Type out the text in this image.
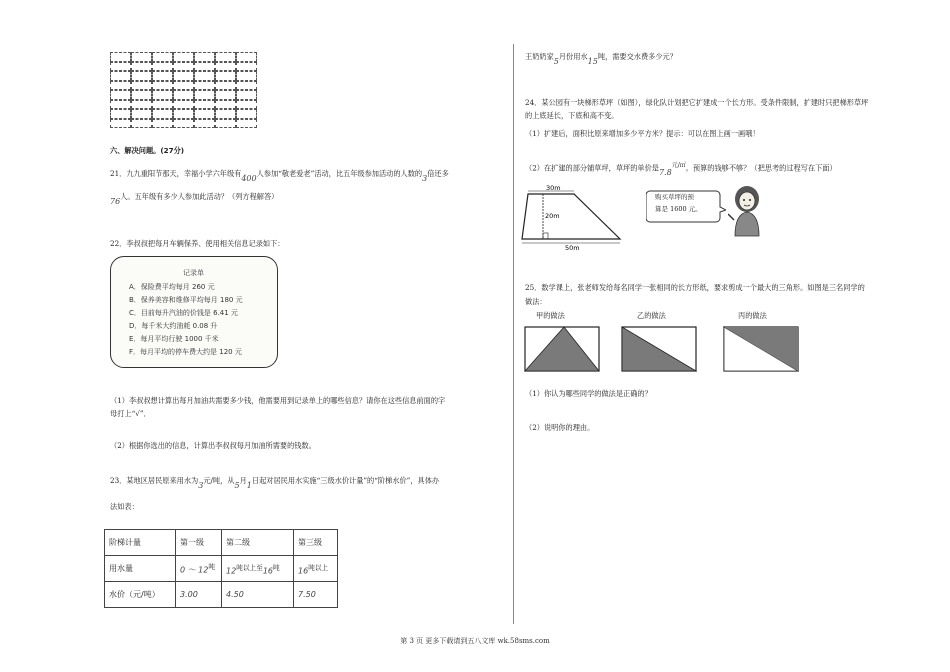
六、解决问题。(27分)
21．九九重阳节那天，幸福小学六年级有400人参加“敬老爱老”活动，比五年级参加活动的人数的3倍还多
76人。五年级有多少人参加此活动？（列方程解答）
22．李叔叔把每月车辆保养、使用相关信息记录如下：
记录单
A．保险费平均每月 260 元
B．保养美容和维修平均每月 180 元
C．目前每升汽油的价钱是 6.41 元
D．每千米大约油耗 0.08 升
E．每月平均行驶 1000 千米
F．每月平均的停车费大约是 120 元
（1）李叔叔想计算出每月加油共需要多少钱，他需要用到记录单上的哪些信息？请你在这些信息前面的字
母打上“√”．
（2）根据你选出的信息，计算出李叔叔每月加油所需要的钱数。
23．某地区居民原来用水为3元/吨，从5月1日起对居民用水实施“三级水价计量”的“阶梯水价”，具体办
法如表：
阶梯计量	第一级	第二级	第三级
用水量	0 ～ $12^吨$	$12^{吨以上至}16^吨$	$16^{吨以上}$
水价（元/吨）	3.00	4.50	7.50
王奶奶家5月份用水15吨，需要交水费多少元？
24．某公园有一块梯形草坪（如图），绿化队计划把它扩建成一个长方形。受条件限制，扩建时只把梯形草坪
的上底延长，下底和高不变。
（1）扩建后，面积比原来增加多少平方米？提示：可以在图上画一画哦！
（2）在扩建的部分铺草坪，草坪的单价是$7.8^{元/㎡}$。预算的钱够不够？（把思考的过程写在下面）
30m
20m
50m
购买草坪的预
算是 1600 元。
25．数学课上，张老师发给每名同学一张相同的长方形纸，要求剪成一个最大的三角形。如图是三名同学的
做法：
甲的做法	乙的做法	丙的做法
（1）你认为哪些同学的做法是正确的？
（2）说明你的理由。
第 3 页 更多下载请到五八文库 wk.58sms.com
